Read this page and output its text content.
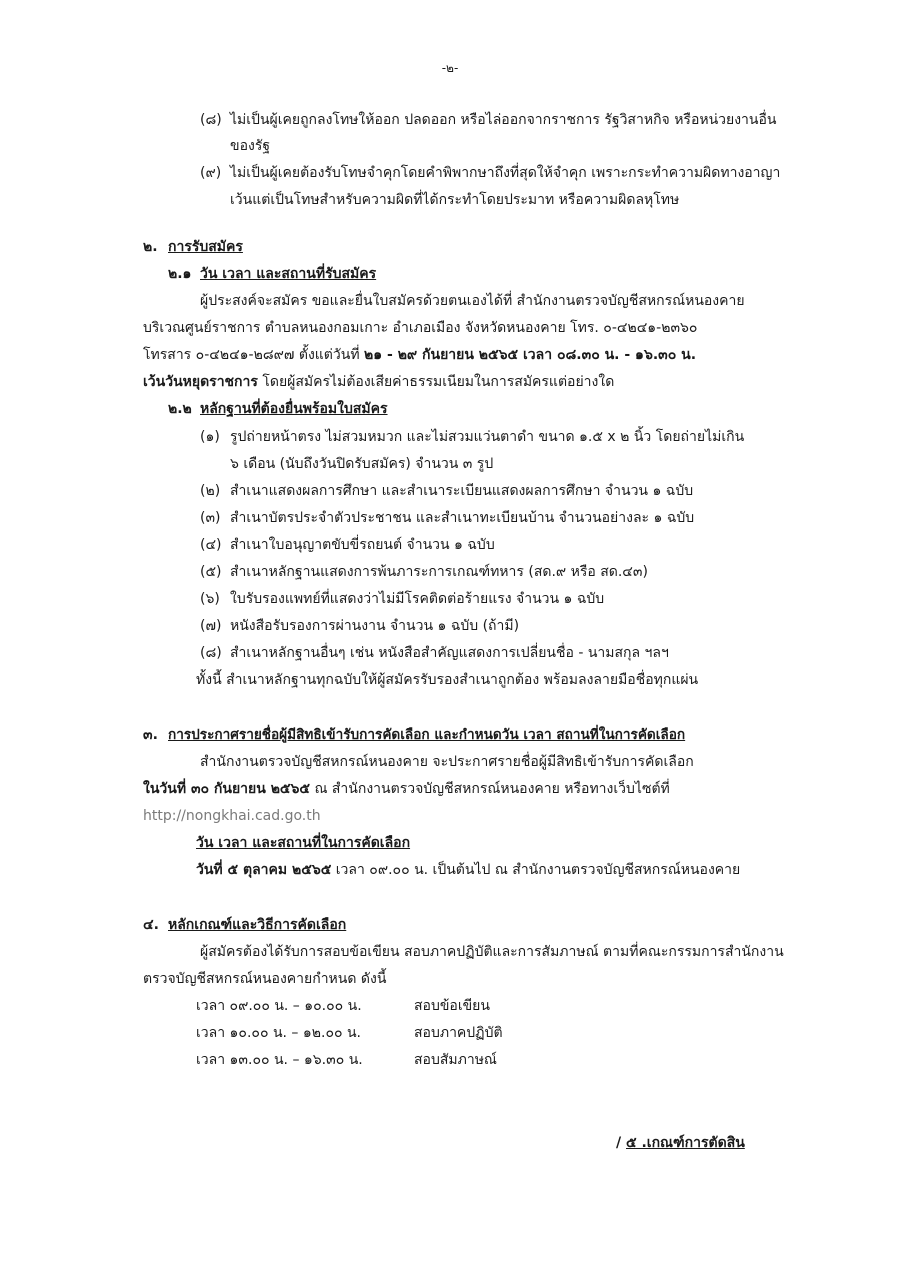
-๒-
(๘) ไม่เป็นผู้เคยถูกลงโทษให้ออก ปลดออก หรือไล่ออกจากราชการ รัฐวิสาหกิจ หรือหน่วยงานอื่น
ของรัฐ
(๙) ไม่เป็นผู้เคยต้องรับโทษจำคุกโดยคำพิพากษาถึงที่สุดให้จำคุก เพราะกระทำความผิดทางอาญา
เว้นแต่เป็นโทษสำหรับความผิดที่ได้กระทำโดยประมาท หรือความผิดลหุโทษ
๒. การรับสมัคร
๒.๑ วัน เวลา และสถานที่รับสมัคร
ผู้ประสงค์จะสมัคร ขอและยื่นใบสมัครด้วยตนเองได้ที่ สำนักงานตรวจบัญชีสหกรณ์หนองคาย
บริเวณศูนย์ราชการ ตำบลหนองกอมเกาะ อำเภอเมือง จังหวัดหนองคาย โทร. ๐-๔๒๔๑-๒๓๖๐
โทรสาร ๐-๔๒๔๑-๒๘๙๗ ตั้งแต่วันที่ ๒๑ - ๒๙ กันยายน ๒๕๖๕ เวลา ๐๘.๓๐ น. - ๑๖.๓๐ น.
เว้นวันหยุดราชการ โดยผู้สมัครไม่ต้องเสียค่าธรรมเนียมในการสมัครแต่อย่างใด
๒.๒ หลักฐานที่ต้องยื่นพร้อมใบสมัคร
(๑) รูปถ่ายหน้าตรง ไม่สวมหมวก และไม่สวมแว่นตาดำ ขนาด ๑.๕ x ๒ นิ้ว โดยถ่ายไม่เกิน
๖ เดือน (นับถึงวันปิดรับสมัคร) จำนวน ๓ รูป
(๒) สำเนาแสดงผลการศึกษา และสำเนาระเบียนแสดงผลการศึกษา จำนวน ๑ ฉบับ
(๓) สำเนาบัตรประจำตัวประชาชน และสำเนาทะเบียนบ้าน จำนวนอย่างละ ๑ ฉบับ
(๔) สำเนาใบอนุญาตขับขี่รถยนต์ จำนวน ๑ ฉบับ
(๕) สำเนาหลักฐานแสดงการพ้นภาระการเกณฑ์ทหาร (สด.๙ หรือ สด.๔๓)
(๖) ใบรับรองแพทย์ที่แสดงว่าไม่มีโรคติดต่อร้ายแรง จำนวน ๑ ฉบับ
(๗) หนังสือรับรองการผ่านงาน จำนวน ๑ ฉบับ (ถ้ามี)
(๘) สำเนาหลักฐานอื่นๆ เช่น หนังสือสำคัญแสดงการเปลี่ยนชื่อ - นามสกุล ฯลฯ
ทั้งนี้ สำเนาหลักฐานทุกฉบับให้ผู้สมัครรับรองสำเนาถูกต้อง พร้อมลงลายมือชื่อทุกแผ่น
๓. การประกาศรายชื่อผู้มีสิทธิเข้ารับการคัดเลือก และกำหนดวัน เวลา สถานที่ในการคัดเลือก
สำนักงานตรวจบัญชีสหกรณ์หนองคาย จะประกาศรายชื่อผู้มีสิทธิเข้ารับการคัดเลือก
ในวันที่ ๓๐ กันยายน ๒๕๖๕ ณ สำนักงานตรวจบัญชีสหกรณ์หนองคาย หรือทางเว็บไซต์ที่
http://nongkhai.cad.go.th
วัน เวลา และสถานที่ในการคัดเลือก
วันที่ ๕ ตุลาคม ๒๕๖๕ เวลา ๐๙.๐๐ น. เป็นต้นไป ณ สำนักงานตรวจบัญชีสหกรณ์หนองคาย
๔. หลักเกณฑ์และวิธีการคัดเลือก
ผู้สมัครต้องได้รับการสอบข้อเขียน สอบภาคปฏิบัติและการสัมภาษณ์ ตามที่คณะกรรมการสำนักงาน
ตรวจบัญชีสหกรณ์หนองคายกำหนด ดังนี้
เวลา ๐๙.๐๐ น. – ๑๐.๐๐ น.	สอบข้อเขียน
เวลา ๑๐.๐๐ น. – ๑๒.๐๐ น.	สอบภาคปฏิบัติ
เวลา ๑๓.๐๐ น. – ๑๖.๓๐ น.	สอบสัมภาษณ์
/ ๕ .เกณฑ์การตัดสิน
